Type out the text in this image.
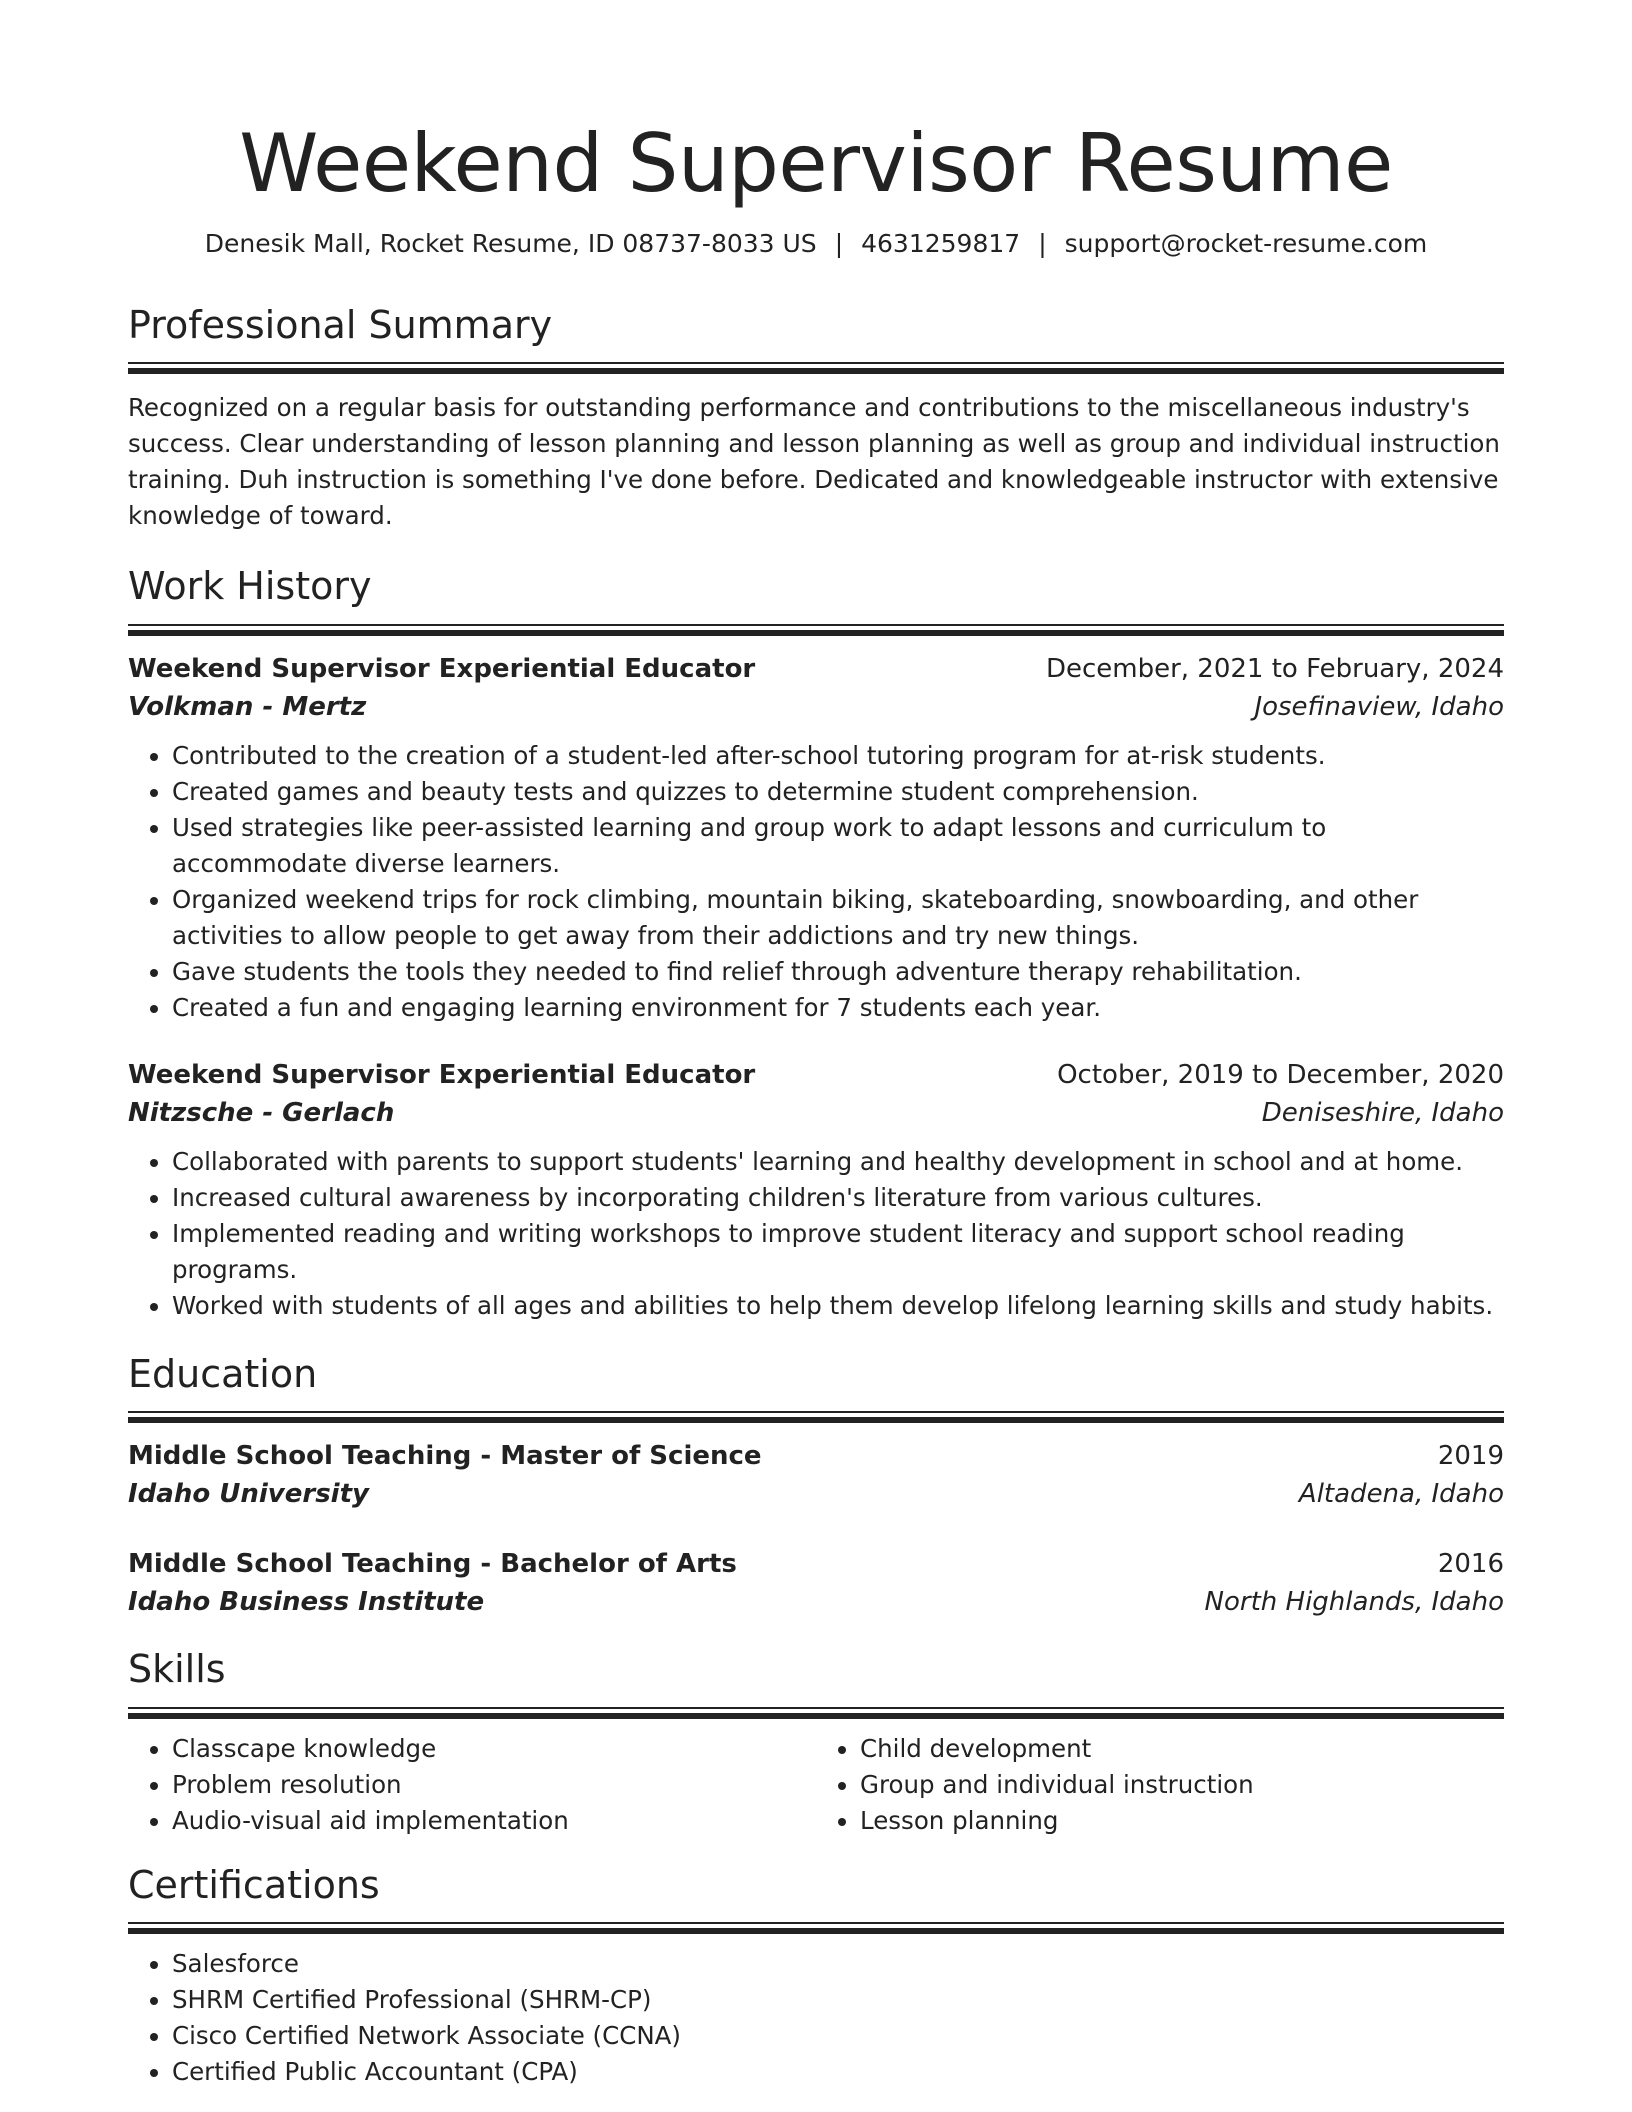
Weekend Supervisor Resume
Denesik Mall, Rocket Resume, ID 08737-8033 US | 4631259817 | support@rocket-resume.com
Professional Summary

Recognized on a regular basis for outstanding performance and contributions to the miscellaneous industry's success. Clear understanding of lesson planning and lesson planning as well as group and individual instruction training. Duh instruction is something I've done before. Dedicated and knowledgeable instructor with extensive knowledge of toward.

Work History
Weekend Supervisor Experiential Educator	December, 2021 to February, 2024
Volkman - Mertz	Josefinaview, Idaho
• Contributed to the creation of a student-led after-school tutoring program for at-risk students.
• Created games and beauty tests and quizzes to determine student comprehension.
• Used strategies like peer-assisted learning and group work to adapt lessons and curriculum to accommodate diverse learners.
• Organized weekend trips for rock climbing, mountain biking, skateboarding, snowboarding, and other activities to allow people to get away from their addictions and try new things.
• Gave students the tools they needed to find relief through adventure therapy rehabilitation.
• Created a fun and engaging learning environment for 7 students each year.
Weekend Supervisor Experiential Educator	October, 2019 to December, 2020
Nitzsche - Gerlach	Deniseshire, Idaho
• Collaborated with parents to support students' learning and healthy development in school and at home.
• Increased cultural awareness by incorporating children's literature from various cultures.
• Implemented reading and writing workshops to improve student literacy and support school reading programs.
• Worked with students of all ages and abilities to help them develop lifelong learning skills and study habits.
Education
Middle School Teaching - Master of Science	2019
Idaho University	Altadena, Idaho
Middle School Teaching - Bachelor of Arts	2016
Idaho Business Institute	North Highlands, Idaho
Skills
• Classcape knowledge
• Problem resolution
• Audio-visual aid implementation
• Child development
• Group and individual instruction
• Lesson planning
Certifications
• Salesforce
• SHRM Certified Professional (SHRM-CP)
• Cisco Certified Network Associate (CCNA)
• Certified Public Accountant (CPA)
